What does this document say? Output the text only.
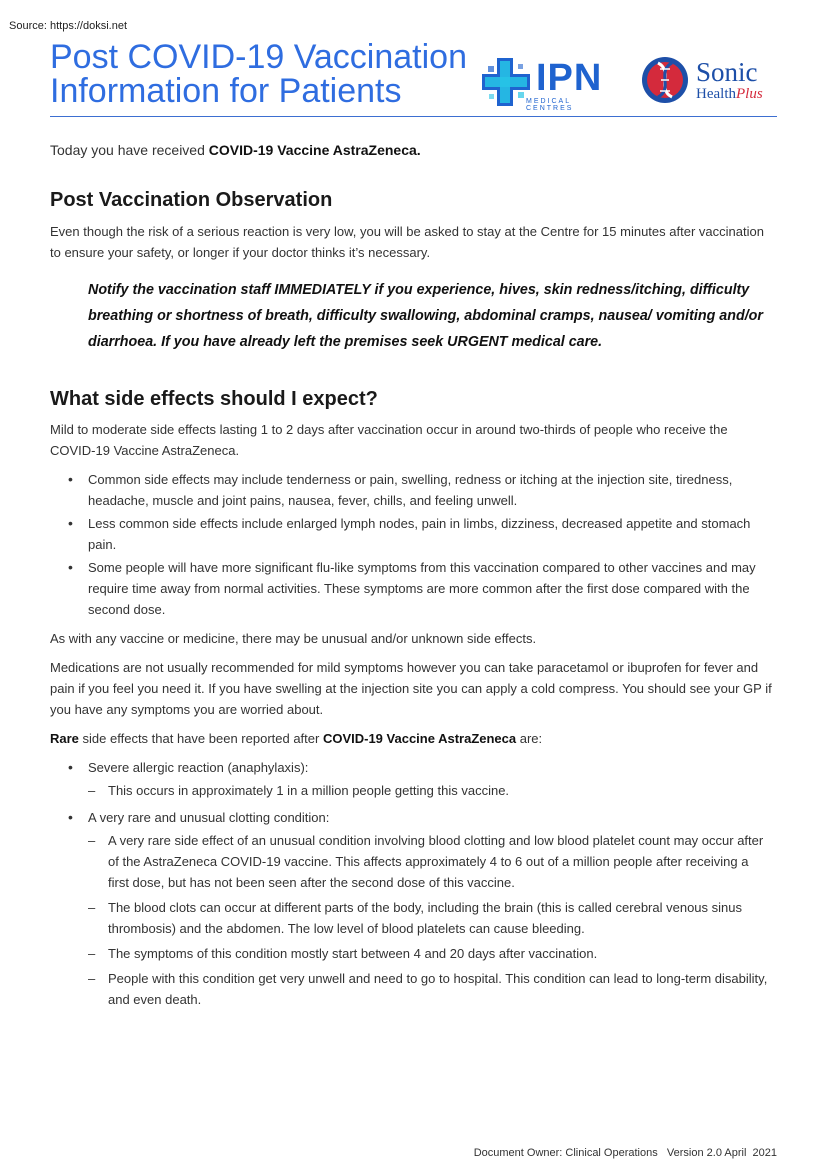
Source: https://doksi.net
Post COVID-19 Vaccination
Information for Patients	IPN
MEDICAL CENTRES
Sonic
HealthPlus

Today you have received COVID-19 Vaccine AstraZeneca.

Post Vaccination Observation

Even though the risk of a serious reaction is very low, you will be asked to stay at the Centre for 15 minutes after vaccination to ensure your safety, or longer if your doctor thinks it’s necessary.

Notify the vaccination staff IMMEDIATELY if you experience, hives, skin redness/itching, difficulty breathing or shortness of breath, difficulty swallowing, abdominal cramps, nausea/ vomiting and/or diarrhoea. If you have already left the premises seek URGENT medical care.
What side effects should I expect?

Mild to moderate side effects lasting 1 to 2 days after vaccination occur in around two-thirds of people who receive the COVID-19 Vaccine AstraZeneca.

• Common side effects may include tenderness or pain, swelling, redness or itching at the injection site, tiredness, headache, muscle and joint pains, nausea, fever, chills, and feeling unwell.
• Less common side effects include enlarged lymph nodes, pain in limbs, dizziness, decreased appetite and stomach pain.
• Some people will have more significant flu-like symptoms from this vaccination compared to other vaccines and may require time away from normal activities. These symptoms are more common after the first dose compared with the second dose.

As with any vaccine or medicine, there may be unusual and/or unknown side effects.

Medications are not usually recommended for mild symptoms however you can take paracetamol or ibuprofen for fever and pain if you feel you need it. If you have swelling at the injection site you can apply a cold compress. You should see your GP if you have any symptoms you are worried about.

Rare side effects that have been reported after COVID-19 Vaccine AstraZeneca are:

• Severe allergic reaction (anaphylaxis):
– This occurs in approximately 1 in a million people getting this vaccine.
• A very rare and unusual clotting condition:
– A very rare side effect of an unusual condition involving blood clotting and low blood platelet count may occur after of the AstraZeneca COVID-19 vaccine. This affects approximately 4 to 6 out of a million people after receiving a first dose, but has not been seen after the second dose of this vaccine.
– The blood clots can occur at different parts of the body, including the brain (this is called cerebral venous sinus thrombosis) and the abdomen. The low level of blood platelets can cause bleeding.
– The symptoms of this condition mostly start between 4 and 20 days after vaccination.
– People with this condition get very unwell and need to go to hospital. This condition can lead to long-term disability, and even death.
Document Owner: Clinical Operations Version 2.0 April  2021
